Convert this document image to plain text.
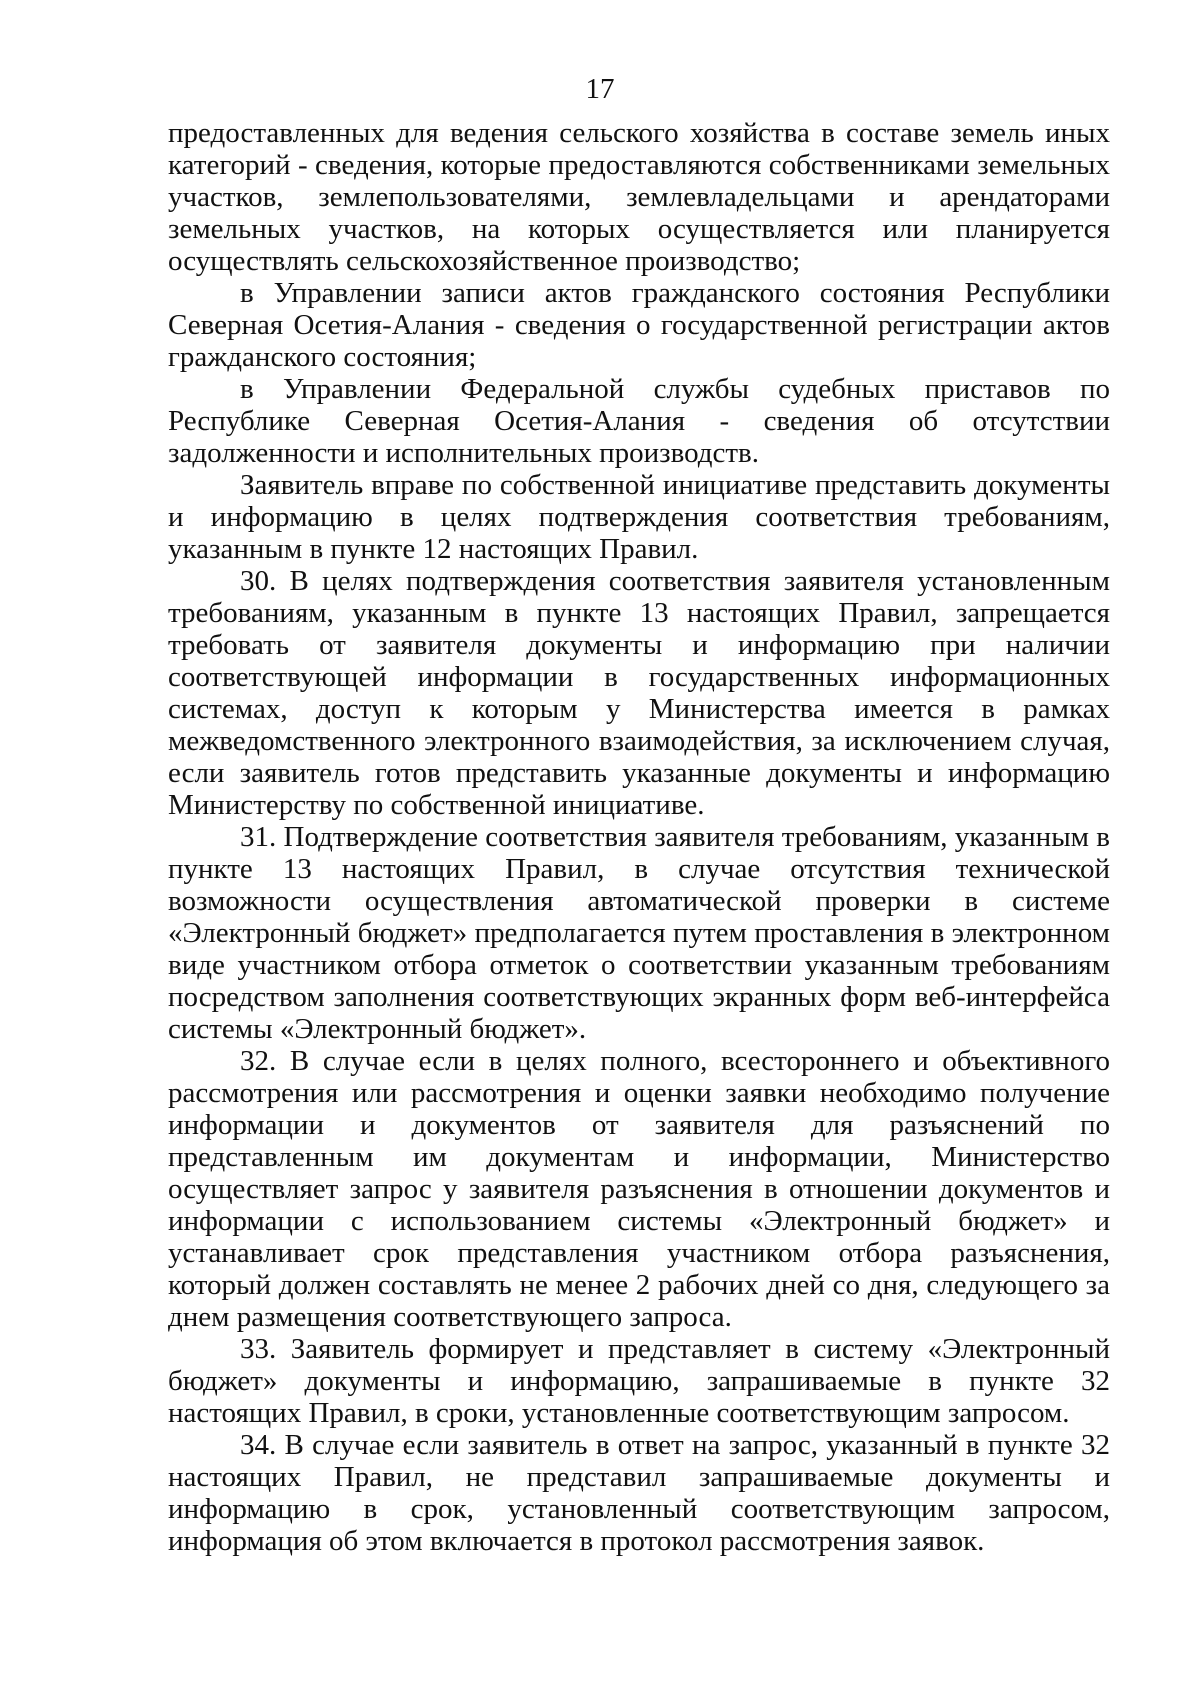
17

предоставленных для ведения сельского хозяйства в составе земель иных категорий - сведения, которые предоставляются собственниками земельных участков, землепользователями, землевладельцами и арендаторами земельных участков, на которых осуществляется или планируется осуществлять сельскохозяйственное производство;

в Управлении записи актов гражданского состояния Республики Северная Осетия-Алания - сведения о государственной регистрации актов гражданского состояния;

в Управлении Федеральной службы судебных приставов по Республике Северная Осетия-Алания - сведения об отсутствии задолженности и исполнительных производств.

Заявитель вправе по собственной инициативе представить документы и информацию в целях подтверждения соответствия требованиям, указанным в пункте 12 настоящих Правил.

30. В целях подтверждения соответствия заявителя установленным требованиям, указанным в пункте 13 настоящих Правил, запрещается требовать от заявителя документы и информацию при наличии соответствующей информации в государственных информационных системах, доступ к которым у Министерства имеется в рамках межведомственного электронного взаимодействия, за исключением случая, если заявитель готов представить указанные документы и информацию Министерству по собственной инициативе.

31. Подтверждение соответствия заявителя требованиям, указанным в пункте 13 настоящих Правил, в случае отсутствия технической возможности осуществления автоматической проверки в системе «Электронный бюджет» предполагается путем проставления в электронном виде участником отбора отметок о соответствии указанным требованиям посредством заполнения соответствующих экранных форм веб-интерфейса системы «Электронный бюджет».

32. В случае если в целях полного, всестороннего и объективного рассмотрения или рассмотрения и оценки заявки необходимо получение информации и документов от заявителя для разъяснений по представленным им документам и информации, Министерство осуществляет запрос у заявителя разъяснения в отношении документов и информации с использованием системы «Электронный бюджет» и устанавливает срок представления участником отбора разъяснения, который должен составлять не менее 2 рабочих дней со дня, следующего за днем размещения соответствующего запроса.

33. Заявитель формирует и представляет в систему «Электронный бюджет» документы и информацию, запрашиваемые в пункте 32 настоящих Правил, в сроки, установленные соответствующим запросом.

34. В случае если заявитель в ответ на запрос, указанный в пункте 32 настоящих Правил, не представил запрашиваемые документы и информацию в срок, установленный соответствующим запросом, информация об этом включается в протокол рассмотрения заявок.
